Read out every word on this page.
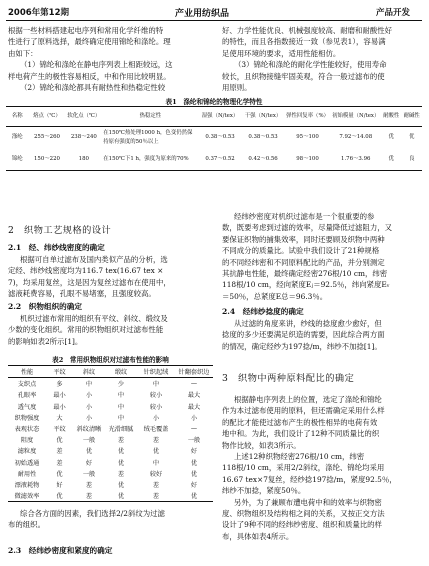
2006年第12期	产业用纺织品	产品开发
根据一些材料搭建起电序列和常用化学纤维的特
性进行了原料选择，最终确定使用锦纶和涤纶。理
由如下：
（1）锦纶和涤纶在静电序列表上相距较远，这
样电荷产生的极性容易相反，中和作用比较明显。
（2）锦纶和涤纶都具有耐热性和热稳定性较
好、力学性能优良、机械强度较高、耐磨和耐酸性好
的特性，而且各指数接近一致（参见表1），容易满
足使用环境的要求，适用性能相仿。
（3）锦纶和涤纶的耐化学性能较好，使用寿命
较长，且织物接缝牢固美观，符合一般过滤布的使
用原则。
表1　涤纶和锦纶的物理化学特性
名称	熔点（℃）	软化点（℃）	热稳定性	湿强（N/tex）	干强（N/tex）	弹性回复率（%）	初始模量（N/tex）	耐酸性	耐碱性
涤纶	255～260	238～240	在150℃热处理1000 h，色变仍然保持原有强度的50％以上	0.38～0.53	0.38～0.53	95～100	7.92～14.08	优	优
锦纶	150～220	180	在150℃下1 h，强度为原来的70%	0.37～0.52	0.42～0.56	98～100	1.76～3.96	优	良
2　织物工艺规格的设计
2.1　经、纬纱线密度的确定
根据可自单过滤布及国内类似产品的分析，选
定经、纬纱线密度均为116.7 tex(16.67 tex ×
7)，均采用复丝，这是因为复丝过滤布在使用中，
滤液耗费容易，孔眼不易堵塞，且强度较高。
2.2　织物组织的确定
机织过滤布常用的组织有平纹、斜纹、缎纹及
少数的变化组织。常用的织物组织对过滤布性能
的影响如表2所示[1]。
表2　常用织物组织对过滤布性能的影响
性能	平纹	斜纹	缎纹	针织起绒	针翻套织边
支织点	多	中	少	中	—
孔眼率	最小	小	中	较小	最大
透气度	最小	小	中	较小	最大
织物强度	大	小	中	小	小
表观状态	平纹	斜纹清晰	光滑细腻	绒毛覆盖	—
阻度	优	一般	差	差	一般
滤粒度	差	优	优	优	好
初始透通	差	好	优	中	优
耐用性	优	一般	差	较好	优
漂液耗物	好	差	优	差	好
微滤效率	优	差	优	差	优
综合各方面的因素，我们选择2/2斜纹为过滤
布的组织。
2.3　经纬纱密度和紧度的确定
经纬纱密度对机织过滤布是一个很重要的参
数，既要考虑到过滤的效率，尽量降低过滤阻力，又
要保证织物的捕集效率，同时还要顾及织物中两种
不同成分的质量比。试验中我们设计了21种规格
的不同经纬密和不同原料配比的产品，并分别测定
其抗静电性能，最终确定经密276根/10 cm，纬密
118根/10 cm，经向紧度Eⱼ＝92.5％，纬向紧度Eᵥ
＝50％，总紧度E总＝96.3％。
2.4　经纬纱捻度的确定
从过滤的角度来讲，纱线的捻度愈少愈好，但
捻度的多少还要满足织造的需要，因此综合两方面
的情况，确定经纱为197捻/m，纬纱不加捻[1]。
3　织物中两种原料配比的确定
根据静电序列表上的位置，选定了涤纶和锦纶
作为本过滤布使用的原料，但还需确定采用什么样
的配比才能使过滤布产生的极性相异的电荷有效
地中和。为此，我们设计了12种不同质量比的织
物作比较，如表3所示。
上述12种织物经密276根/10 cm，纬密
118根/10 cm，采用2/2斜纹，涤纶、锦纶均采用
16.67 tex×7复丝，经纱捻197捻/m，紧度92.5％，
纬纱不加捻，紧度50％。
另外，为了兼顾布遭电荷中和的效率与织物密
度、织物组织及结构相之间的关系，又按正交方法
设计了9种不同的经纬纱密度、组织和质量比的样
布，具体如表4所示。
